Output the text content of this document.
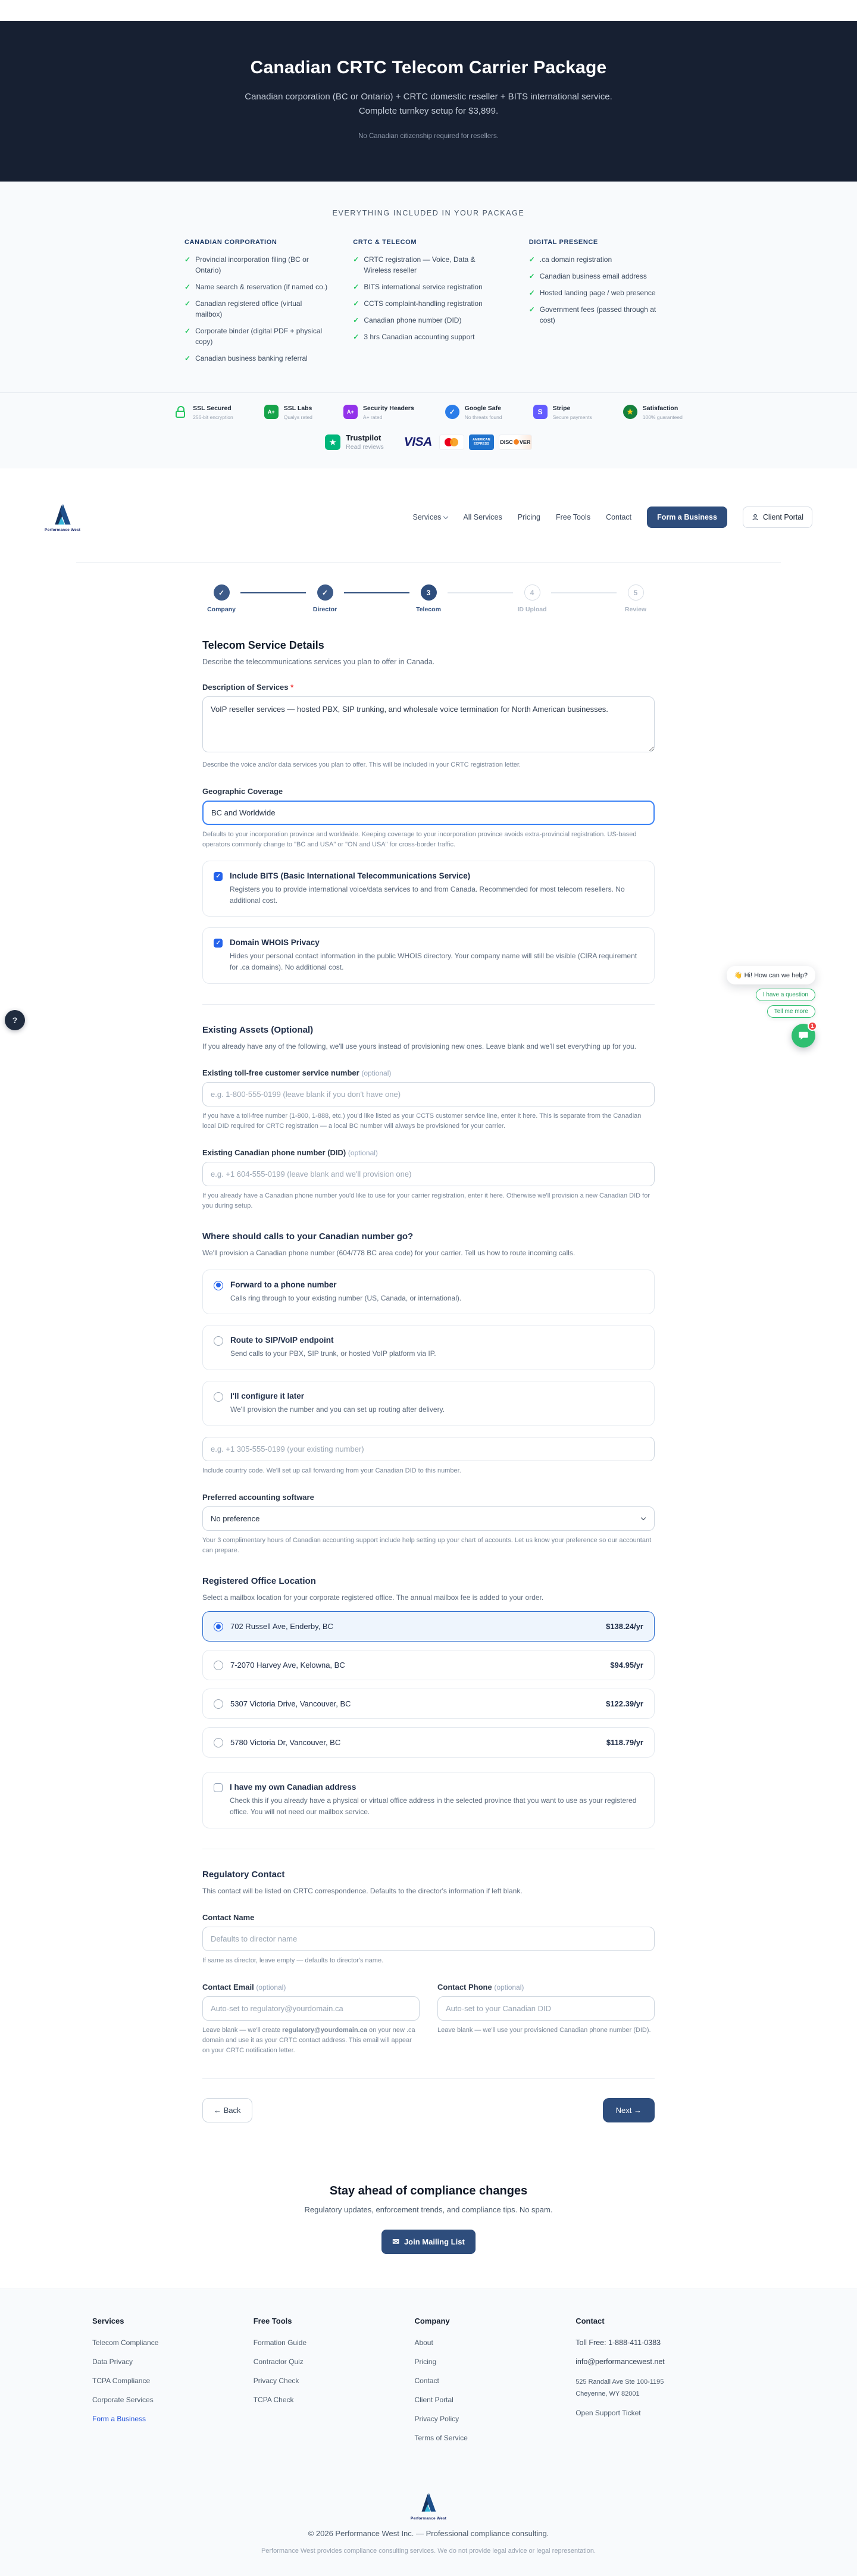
Canadian CRTC Telecom Carrier Package
Canadian corporation (BC or Ontario) + CRTC domestic reseller + BITS international service. Complete turnkey setup for $3,899.
No Canadian citizenship required for resellers.
EVERYTHING INCLUDED IN YOUR PACKAGE
CANADIAN CORPORATION
✓
Provincial incorporation filing (BC or Ontario)
✓
Name search & reservation (if named co.)
✓
Canadian registered office (virtual mailbox)
✓
Corporate binder (digital PDF + physical copy)
✓
Canadian business banking referral
CRTC & TELECOM
✓
CRTC registration — Voice, Data & Wireless reseller
✓
BITS international service registration
✓
CCTS complaint-handling registration
✓
Canadian phone number (DID)
✓
3 hrs Canadian accounting support
DIGITAL PRESENCE
✓
.ca domain registration
✓
Canadian business email address
✓
Hosted landing page / web presence
✓
Government fees (passed through at cost)
SSL Secured
256-bit encryption
A+
SSL Labs
Qualys rated
A+
Security Headers
A+ rated
✓
Google Safe
No threats found
S
Stripe
Secure payments
★
Satisfaction
100% guaranteed
★
Trustpilot
Read reviews
VISA
AMERICAN EXPRESS
DISC
VER
Performance West
Services	All Services Pricing Free Tools Contact	Form a Business	Client Portal
✓
Company
✓	Director
3
Telecom
4
ID Upload
5
Review
Telecom Service Details

Describe the telecommunications services you plan to offer in Canada.

Description of Services *
VoIP reseller services — hosted PBX, SIP trunking, and wholesale voice termination for North American businesses.
Describe the voice and/or data services you plan to offer. This will be included in your CRTC registration letter.
Geographic Coverage
BC and Worldwide
Defaults to your incorporation province and worldwide. Keeping coverage to your incorporation province avoids extra-provincial registration. US-based operators commonly change to "BC and USA" or "ON and USA" for cross-border traffic.
Include BITS (Basic International Telecommunications Service)
Registers you to provide international voice/data services to and from Canada. Recommended for most telecom resellers. No additional cost.
Domain WHOIS Privacy
Hides your personal contact information in the public WHOIS directory. Your company name will still be visible (CIRA requirement for .ca domains). No additional cost.
Existing Assets (Optional)
If you already have any of the following, we'll use yours instead of provisioning new ones. Leave blank and we'll set everything up for you.
Existing toll-free customer service number (optional)
e.g. 1-800-555-0199 (leave blank if you don't have one)
If you have a toll-free number (1-800, 1-888, etc.) you'd like listed as your CCTS customer service line, enter it here. This is separate from the Canadian local DID required for CRTC registration — a local BC number will always be provisioned for your carrier.
Existing Canadian phone number (DID) (optional)
e.g. +1 604-555-0199 (leave blank and we'll provision one)
If you already have a Canadian phone number you'd like to use for your carrier registration, enter it here. Otherwise we'll provision a new Canadian DID for you during setup.
Where should calls to your Canadian number go?
We'll provision a Canadian phone number (604/778 BC area code) for your carrier. Tell us how to route incoming calls.
Forward to a phone number
Calls ring through to your existing number (US, Canada, or international).
Route to SIP/VoIP endpoint
Send calls to your PBX, SIP trunk, or hosted VoIP platform via IP.
I'll configure it later
We'll provision the number and you can set up routing after delivery.
e.g. +1 305-555-0199 (your existing number)
Include country code. We'll set up call forwarding from your Canadian DID to this number.
Preferred accounting software
No preference
Your 3 complimentary hours of Canadian accounting support include help setting up your chart of accounts. Let us know your preference so our accountant can prepare.
Registered Office Location
Select a mailbox location for your corporate registered office. The annual mailbox fee is added to your order.
702 Russell Ave, Enderby, BC	$138.24/yr
7-2070 Harvey Ave, Kelowna, BC	$94.95/yr
5307 Victoria Drive, Vancouver, BC	$122.39/yr
5780 Victoria Dr, Vancouver, BC	$118.79/yr
I have my own Canadian address
Check this if you already have a physical or virtual office address in the selected province that you want to use as your registered office. You will not need our mailbox service.
Regulatory Contact
This contact will be listed on CRTC correspondence. Defaults to the director's information if left blank.
Contact Name
Defaults to director name
If same as director, leave empty — defaults to director's name.
Contact Email (optional)
Auto-set to regulatory@yourdomain.ca
Leave blank — we'll create regulatory@yourdomain.ca on your new .ca domain and use it as your CRTC contact address. This email will appear on your CRTC notification letter.
Contact Phone (optional)
Auto-set to your Canadian DID
Leave blank — we'll use your provisioned Canadian phone number (DID).
← Back	Next →
Stay ahead of compliance changes
Regulatory updates, enforcement trends, and compliance tips. No spam.
✉
Join Mailing List
Services
Telecom Compliance
Data Privacy
TCPA Compliance
Corporate Services
Form a Business
Free Tools
Formation Guide
Contractor Quiz
Privacy Check
TCPA Check
Company
About
Pricing
Contact
Client Portal
Privacy Policy
Terms of Service
Contact
Toll Free: 1-888-411-0383
info@performancewest.net
525 Randall Ave Ste 100-1195
Cheyenne, WY 82001
Open Support Ticket
Performance West
© 2026 Performance West Inc. — Professional compliance consulting.
Performance West provides compliance consulting services. We do not provide legal advice or legal representation.
👋 Hi! How can we help?
I have a question
Tell me more
1
?
